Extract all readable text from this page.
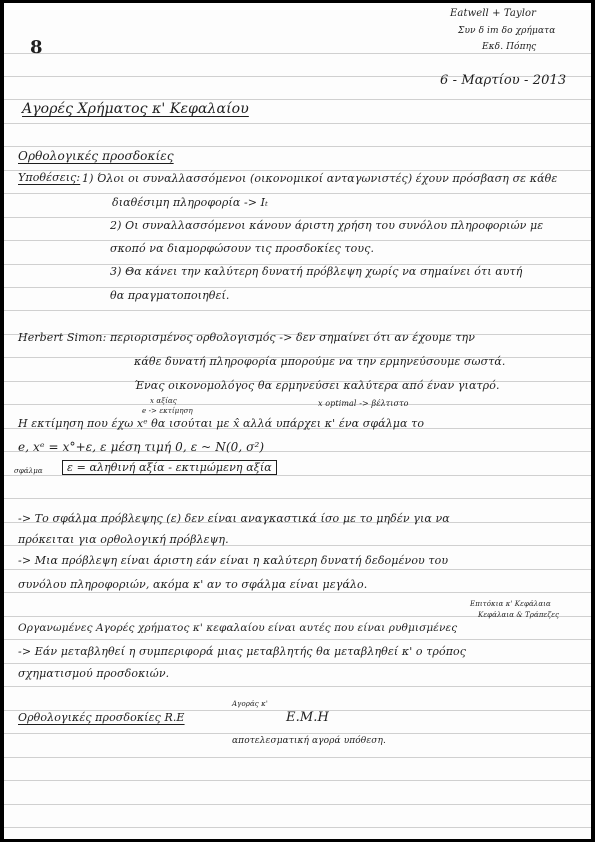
8
Eatwell + Taylor
Συν δ im δο χρήματα
Εκδ. Πόπης
6 - Μαρτίου - 2013
Αγορές Χρήματος κ' Κεφαλαίου
Ορθολογικές προσδοκίες
Υποθέσεις: 1) Όλοι οι συναλλασσόμενοι (οικονομικοί ανταγωνιστές) έχουν πρόσβαση σε κάθε
διαθέσιμη πληροφορία -> Iₜ
2) Οι συναλλασσόμενοι κάνουν άριστη χρήση του συνόλου πληροφοριών με
σκοπό να διαμορφώσουν τις προσδοκίες τους.
3) Θα κάνει την καλύτερη δυνατή πρόβλεψη χωρίς να σημαίνει ότι αυτή
θα πραγματοποιηθεί.
Herbert Simon: περιορισμένος ορθολογισμός -> δεν σημαίνει ότι αν έχουμε την
κάθε δυνατή πληροφορία μπορούμε να την ερμηνεύσουμε σωστά.
Ένας οικονομολόγος θα ερμηνεύσει καλύτερα από έναν γιατρό.
x αξίας
e -> εκτίμηση
x optimal -> βέλτιστο
Η εκτίμηση που έχω xᵉ θα ισούται με x̂ αλλά υπάρχει κ' ένα σφάλμα το
e, xᵉ = x°+ε, ε μέση τιμή 0, ε ~ N(0, σ²)
σφάλμα	ε = αληθινή αξία - εκτιμώμενη αξία
-> Το σφάλμα πρόβλεψης (ε) δεν είναι αναγκαστικά ίσο με το μηδέν για να
πρόκειται για ορθολογική πρόβλεψη.
-> Μια πρόβλεψη είναι άριστη εάν είναι η καλύτερη δυνατή δεδομένου του
συνόλου πληροφοριών, ακόμα κ' αν το σφάλμα είναι μεγάλο.
Επιτόκια κ' Κεφάλαια
Κεφάλαια & Τράπεζες
Οργανωμένες Αγορές χρήματος κ' κεφαλαίου είναι αυτές που είναι ρυθμισμένες
-> Εάν μεταβληθεί η συμπεριφορά μιας μεταβλητής θα μεταβληθεί κ' ο τρόπος
σχηματισμού προσδοκιών.
Ορθολογικές προσδοκίες R.E
Αγοράς κ'
E.M.H
αποτελεσματική αγορά υπόθεση.
